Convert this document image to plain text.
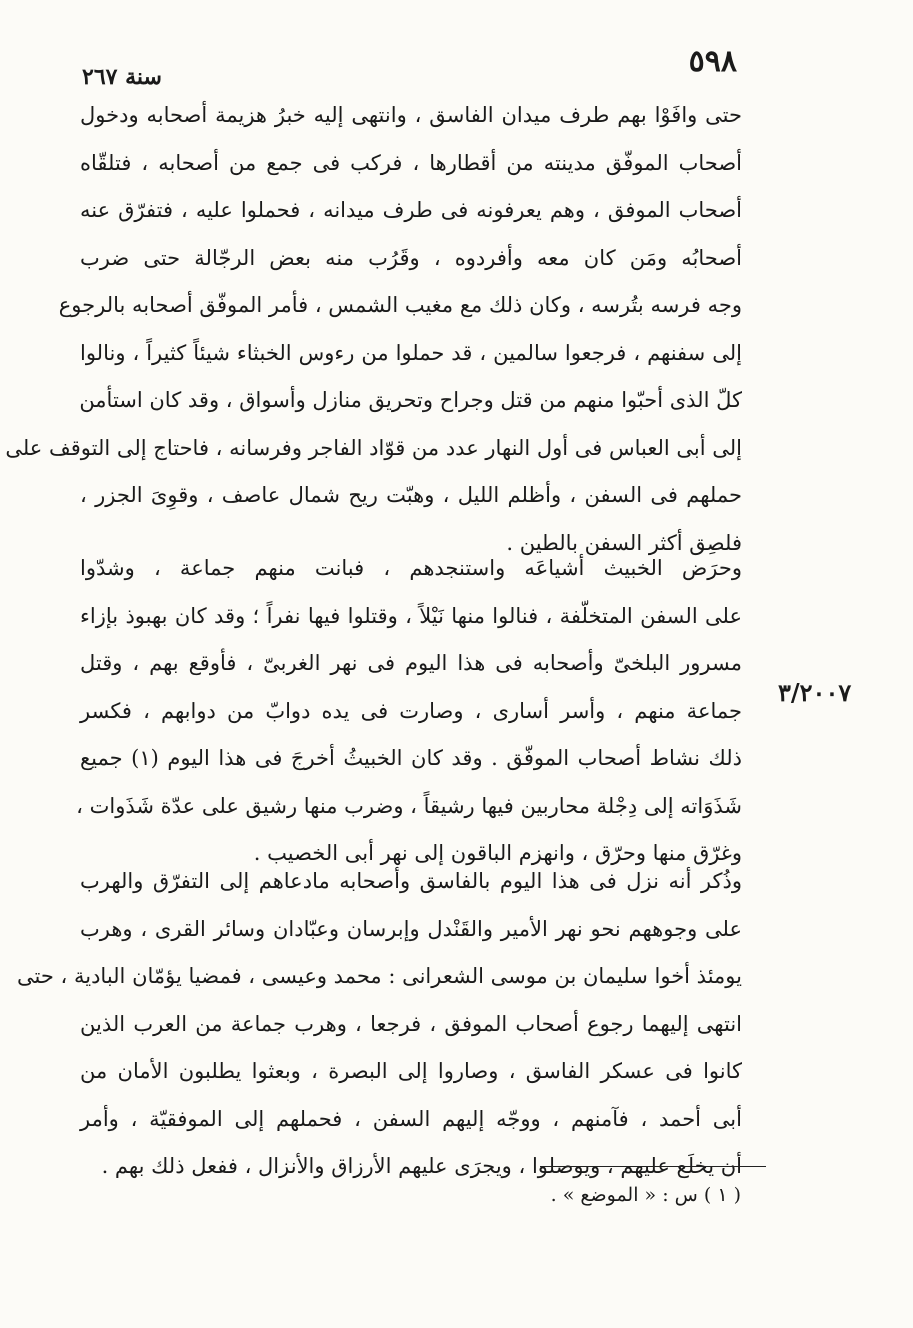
٥٩٨
سنة ٢٦٧
حتى وافَوْا بهم طرف ميدان الفاسق ، وانتهى إليه خبرُ هزيمة أصحابه ودخول
أصحاب الموفّق مدينته من أقطارها ، فركب فى جمع من أصحابه ، فتلقّاه
أصحاب الموفق ، وهم يعرفونه فى طرف ميدانه ، فحملوا عليه ، فتفرّق عنه
أصحابُه ومَن كان معه وأفردوه ، وقَرُب منه بعض الرجّالة حتى ضرب
وجه فرسه بتُرسه ، وكان ذلك مع مغيب الشمس ، فأمر الموفّق أصحابه بالرجوع
إلى سفنهم ، فرجعوا سالمين ، قد حملوا من رءوس الخبثاء شيئاً كثيراً ، ونالوا
كلّ الذى أحبّوا منهم من قتل وجراح وتحريق منازل وأسواق ، وقد كان استأمن
إلى أبى العباس فى أول النهار عدد من قوّاد الفاجر وفرسانه ، فاحتاج إلى التوقف على
حملهم فى السفن ، وأظلم الليل ، وهبّت ريح شمال عاصف ، وقوِىَ الجزر ،
فلصِق أكثر السفن بالطين .
وحرَض الخبيث أشياعَه واستنجدهم ، فبانت منهم جماعة ، وشدّوا
على السفن المتخلّفة ، فنالوا منها نَيْلاً ، وقتلوا فيها نفراً ؛ وقد كان بهبوذ بإزاء
مسرور البلخىّ وأصحابه فى هذا اليوم فى نهر الغربىّ ، فأوقع بهم ، وقتل
جماعة منهم ، وأسر أسارى ، وصارت فى يده دوابّ من دوابهم ، فكسر
ذلك نشاط أصحاب الموفّق . وقد كان الخبيثُ أخرجَ فى هذا اليوم (١) جميع
شَذَوَاته إلى دِجْلة محاربين فيها رشيقاً ، وضرب منها رشيق على عدّة شَذَوات ،
وغرّق منها وحرّق ، وانهزم الباقون إلى نهر أبى الخصيب .
٣/٢٠٠٧
وذُكر أنه نزل فى هذا اليوم بالفاسق وأصحابه مادعاهم إلى التفرّق والهرب
على وجوههم نحو نهر الأمير والقَنْدل وإبرسان وعبّادان وسائر القرى ، وهرب
يومئذ أخوا سليمان بن موسى الشعرانى : محمد وعيسى ، فمضيا يؤمّان البادية ، حتى
انتهى إليهما رجوع أصحاب الموفق ، فرجعا ، وهرب جماعة من العرب الذين
كانوا فى عسكر الفاسق ، وصاروا إلى البصرة ، وبعثوا يطلبون الأمان من
أبى أحمد ، فآمنهم ، ووجّه إليهم السفن ، فحملهم إلى الموفقيّة ، وأمر
أن يخلَع عليهم ، ويوصلوا ، ويجرَى عليهم الأرزاق والأنزال ، ففعل ذلك بهم .
( ١ ) س : « الموضع » .
